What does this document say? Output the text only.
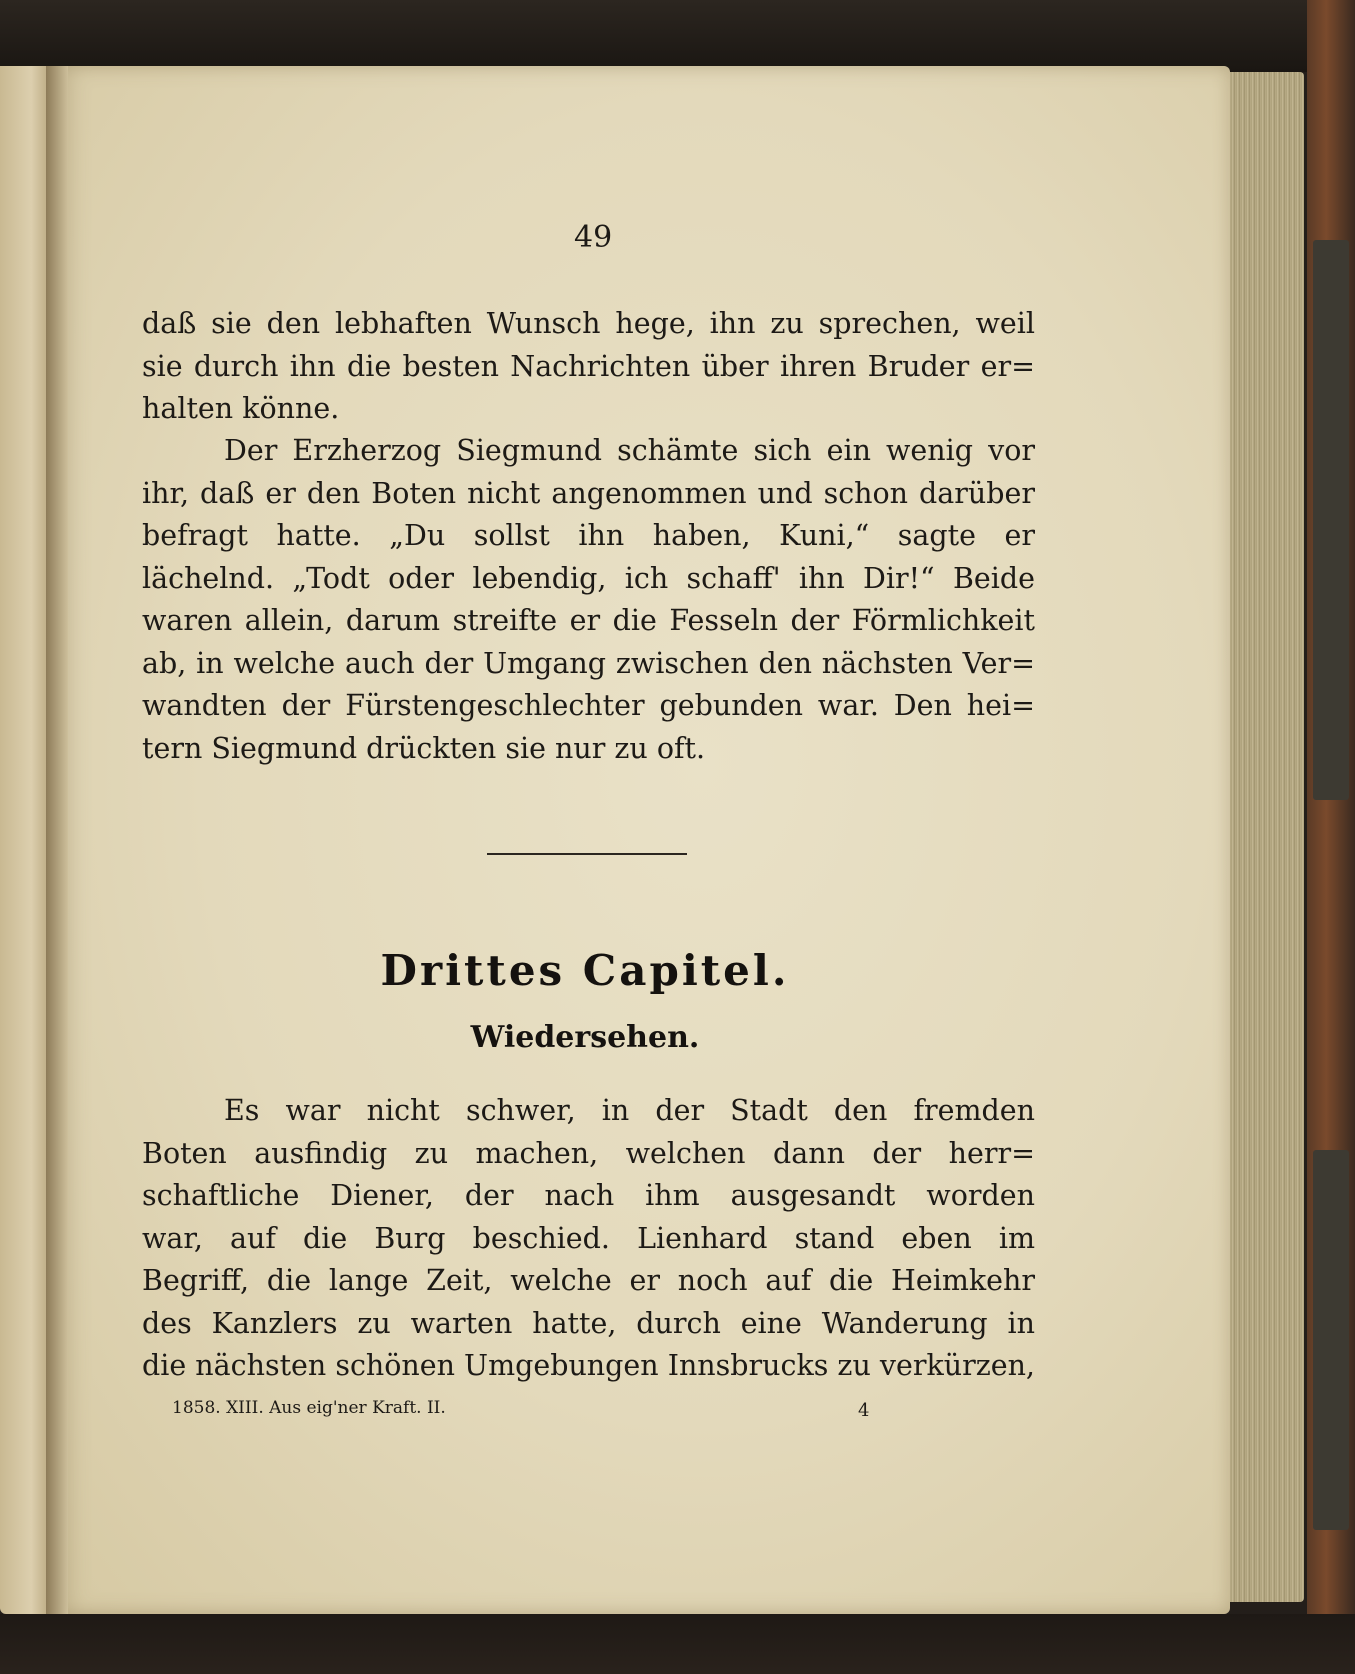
49
daß sie den lebhaften Wunsch hege, ihn zu sprechen, weil
sie durch ihn die besten Nachrichten über ihren Bruder er=
halten könne.
Der Erzherzog Siegmund schämte sich ein wenig vor
ihr, daß er den Boten nicht angenommen und schon darüber
befragt hatte. „Du sollst ihn haben, Kuni,“ sagte er
lächelnd. „Todt oder lebendig, ich schaff' ihn Dir!“ Beide
waren allein, darum streifte er die Fesseln der Förmlichkeit
ab, in welche auch der Umgang zwischen den nächsten Ver=
wandten der Fürstengeschlechter gebunden war. Den hei=
tern Siegmund drückten sie nur zu oft.
Drittes Capitel.
Wiedersehen.
Es war nicht schwer, in der Stadt den fremden
Boten ausfindig zu machen, welchen dann der herr=
schaftliche Diener, der nach ihm ausgesandt worden
war, auf die Burg beschied. Lienhard stand eben im
Begriff, die lange Zeit, welche er noch auf die Heimkehr
des Kanzlers zu warten hatte, durch eine Wanderung in
die nächsten schönen Umgebungen Innsbrucks zu verkürzen,
1858. XIII. Aus eig'ner Kraft. II.	4
